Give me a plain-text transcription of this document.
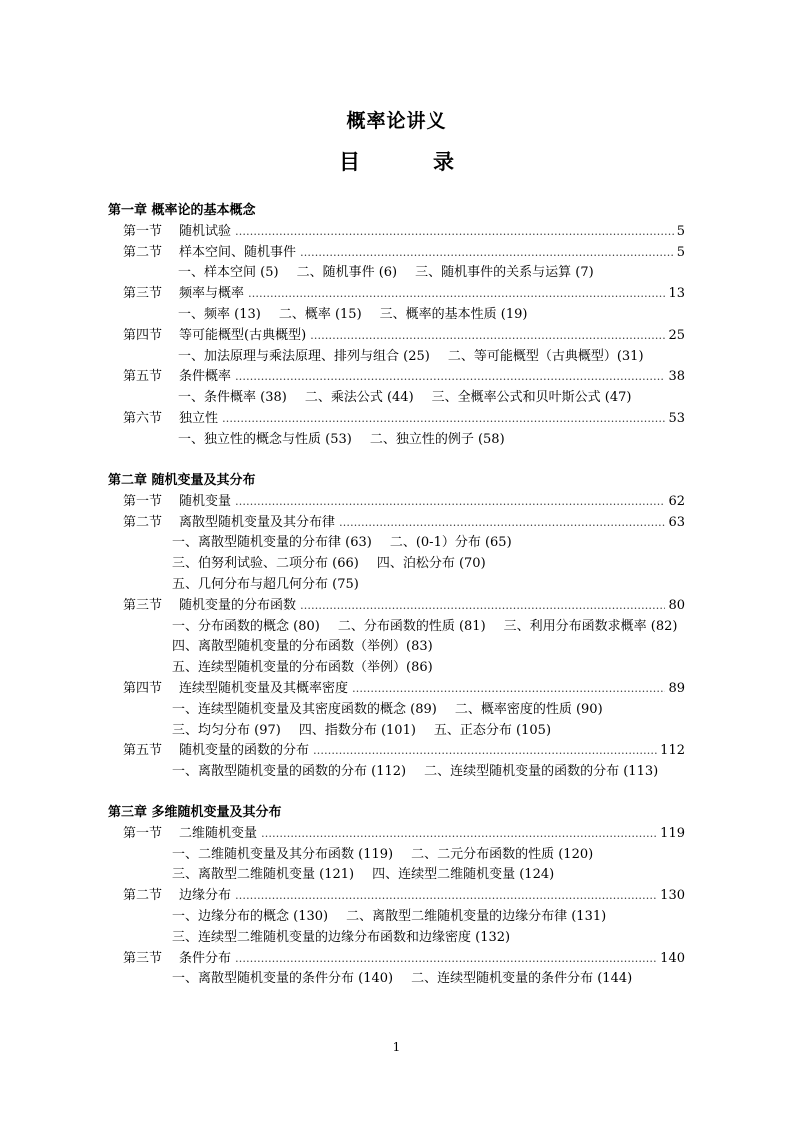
概率论讲义
目　录
第一章 概率论的基本概念
第一节	随机试验 ……………………………………………………………………………………………………………………………………………………………………………………………………	5
第二节	样本空间、随机事件 ……………………………………………………………………………………………………………………………………………………………………………………………………	5
一、样本空间 (5) 二、随机事件 (6) 三、随机事件的关系与运算 (7)
第三节	频率与概率 ……………………………………………………………………………………………………………………………………………………………………………………………………	13
一、频率 (13) 二、概率 (15) 三、概率的基本性质 (19)
第四节	等可能概型(古典概型) ……………………………………………………………………………………………………………………………………………………………………………………………………	25
一、加法原理与乘法原理、排列与组合 (25) 二、等可能概型（古典概型）(31)
第五节	条件概率 ……………………………………………………………………………………………………………………………………………………………………………………………………	38
一、条件概率 (38) 二、乘法公式 (44) 三、全概率公式和贝叶斯公式 (47)
第六节	独立性 ……………………………………………………………………………………………………………………………………………………………………………………………………	53
一、独立性的概念与性质 (53) 二、独立性的例子 (58)
第二章 随机变量及其分布
第一节	随机变量 ……………………………………………………………………………………………………………………………………………………………………………………………………	62
第二节	离散型随机变量及其分布律 ……………………………………………………………………………………………………………………………………………………………………………………………………	63
一、离散型随机变量的分布律 (63) 二、(0-1）分布 (65)
三、伯努利试验、二项分布 (66) 四、泊松分布 (70)
五、几何分布与超几何分布 (75)
第三节	随机变量的分布函数 ……………………………………………………………………………………………………………………………………………………………………………………………………	80
一、分布函数的概念 (80) 二、分布函数的性质 (81) 三、利用分布函数求概率 (82)
四、离散型随机变量的分布函数（举例）(83)
五、连续型随机变量的分布函数（举例）(86)
第四节	连续型随机变量及其概率密度 ……………………………………………………………………………………………………………………………………………………………………………………………………	89
一、连续型随机变量及其密度函数的概念 (89) 二、概率密度的性质 (90)
三、均匀分布 (97) 四、指数分布 (101) 五、正态分布 (105)
第五节	随机变量的函数的分布 ……………………………………………………………………………………………………………………………………………………………………………………………………	112
一、离散型随机变量的函数的分布 (112) 二、连续型随机变量的函数的分布 (113)
第三章 多维随机变量及其分布
第一节	二维随机变量 ……………………………………………………………………………………………………………………………………………………………………………………………………	119
一、二维随机变量及其分布函数 (119) 二、二元分布函数的性质 (120)
三、离散型二维随机变量 (121) 四、连续型二维随机变量 (124)
第二节	边缘分布 ……………………………………………………………………………………………………………………………………………………………………………………………………	130
一、边缘分布的概念 (130) 二、离散型二维随机变量的边缘分布律 (131)
三、连续型二维随机变量的边缘分布函数和边缘密度 (132)
第三节	条件分布 ……………………………………………………………………………………………………………………………………………………………………………………………………	140
一、离散型随机变量的条件分布 (140) 二、连续型随机变量的条件分布 (144)
1
